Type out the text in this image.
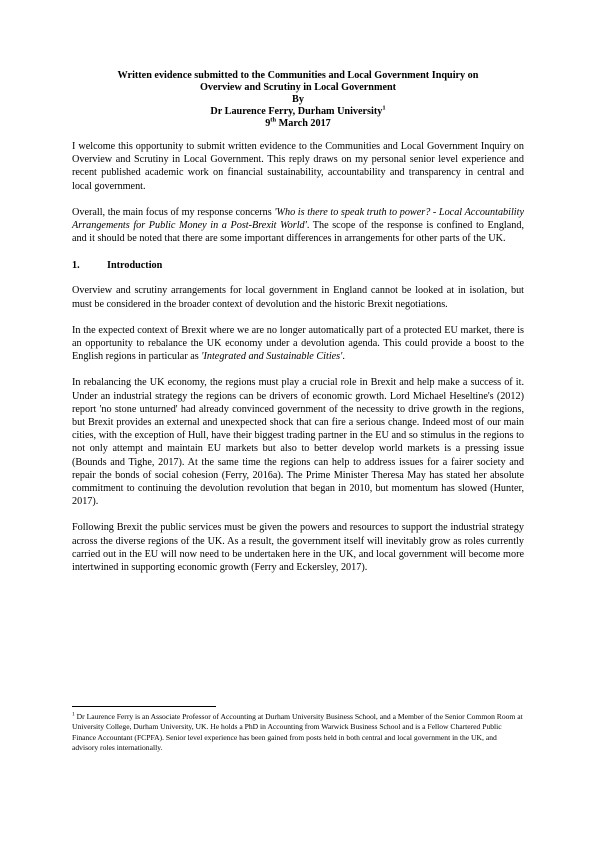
Written evidence submitted to the Communities and Local Government Inquiry on
Overview and Scrutiny in Local Government
By
Dr Laurence Ferry, Durham University$^1$
9th March 2017

I welcome this opportunity to submit written evidence to the Communities and Local Government Inquiry on Overview and Scrutiny in Local Government. This reply draws on my personal senior level experience and recent published academic work on financial sustainability, accountability and transparency in central and local government.

Overall, the main focus of my response concerns 'Who is there to speak truth to power? - Local Accountability Arrangements for Public Money in a Post-Brexit World'. The scope of the response is confined to England, and it should be noted that there are some important differences in arrangements for other parts of the UK.

1.	Introduction

Overview and scrutiny arrangements for local government in England cannot be looked at in isolation, but must be considered in the broader context of devolution and the historic Brexit negotiations.

In the expected context of Brexit where we are no longer automatically part of a protected EU market, there is an opportunity to rebalance the UK economy under a devolution agenda. This could provide a boost to the English regions in particular as 'Integrated and Sustainable Cities'.

In rebalancing the UK economy, the regions must play a crucial role in Brexit and help make a success of it. Under an industrial strategy the regions can be drivers of economic growth. Lord Michael Heseltine's (2012) report 'no stone unturned' had already convinced government of the necessity to drive growth in the regions, but Brexit provides an external and unexpected shock that can fire a serious change. Indeed most of our main cities, with the exception of Hull, have their biggest trading partner in the EU and so stimulus in the regions to not only attempt and maintain EU markets but also to better develop world markets is a pressing issue (Bounds and Tighe, 2017). At the same time the regions can help to address issues for a fairer society and repair the bonds of social cohesion (Ferry, 2016a). The Prime Minister Theresa May has stated her absolute commitment to continuing the devolution revolution that began in 2010, but momentum has slowed (Hunter, 2017).

Following Brexit the public services must be given the powers and resources to support the industrial strategy across the diverse regions of the UK. As a result, the government itself will inevitably grow as roles currently carried out in the EU will now need to be undertaken here in the UK, and local government will become more intertwined in supporting economic growth (Ferry and Eckersley, 2017).

$^1$ Dr Laurence Ferry is an Associate Professor of Accounting at Durham University Business School, and a Member of the Senior Common Room at University College, Durham University, UK. He holds a PhD in Accounting from Warwick Business School and is a Fellow Chartered Public Finance Accountant (FCPFA). Senior level experience has been gained from posts held in both central and local government in the UK, and advisory roles internationally.
